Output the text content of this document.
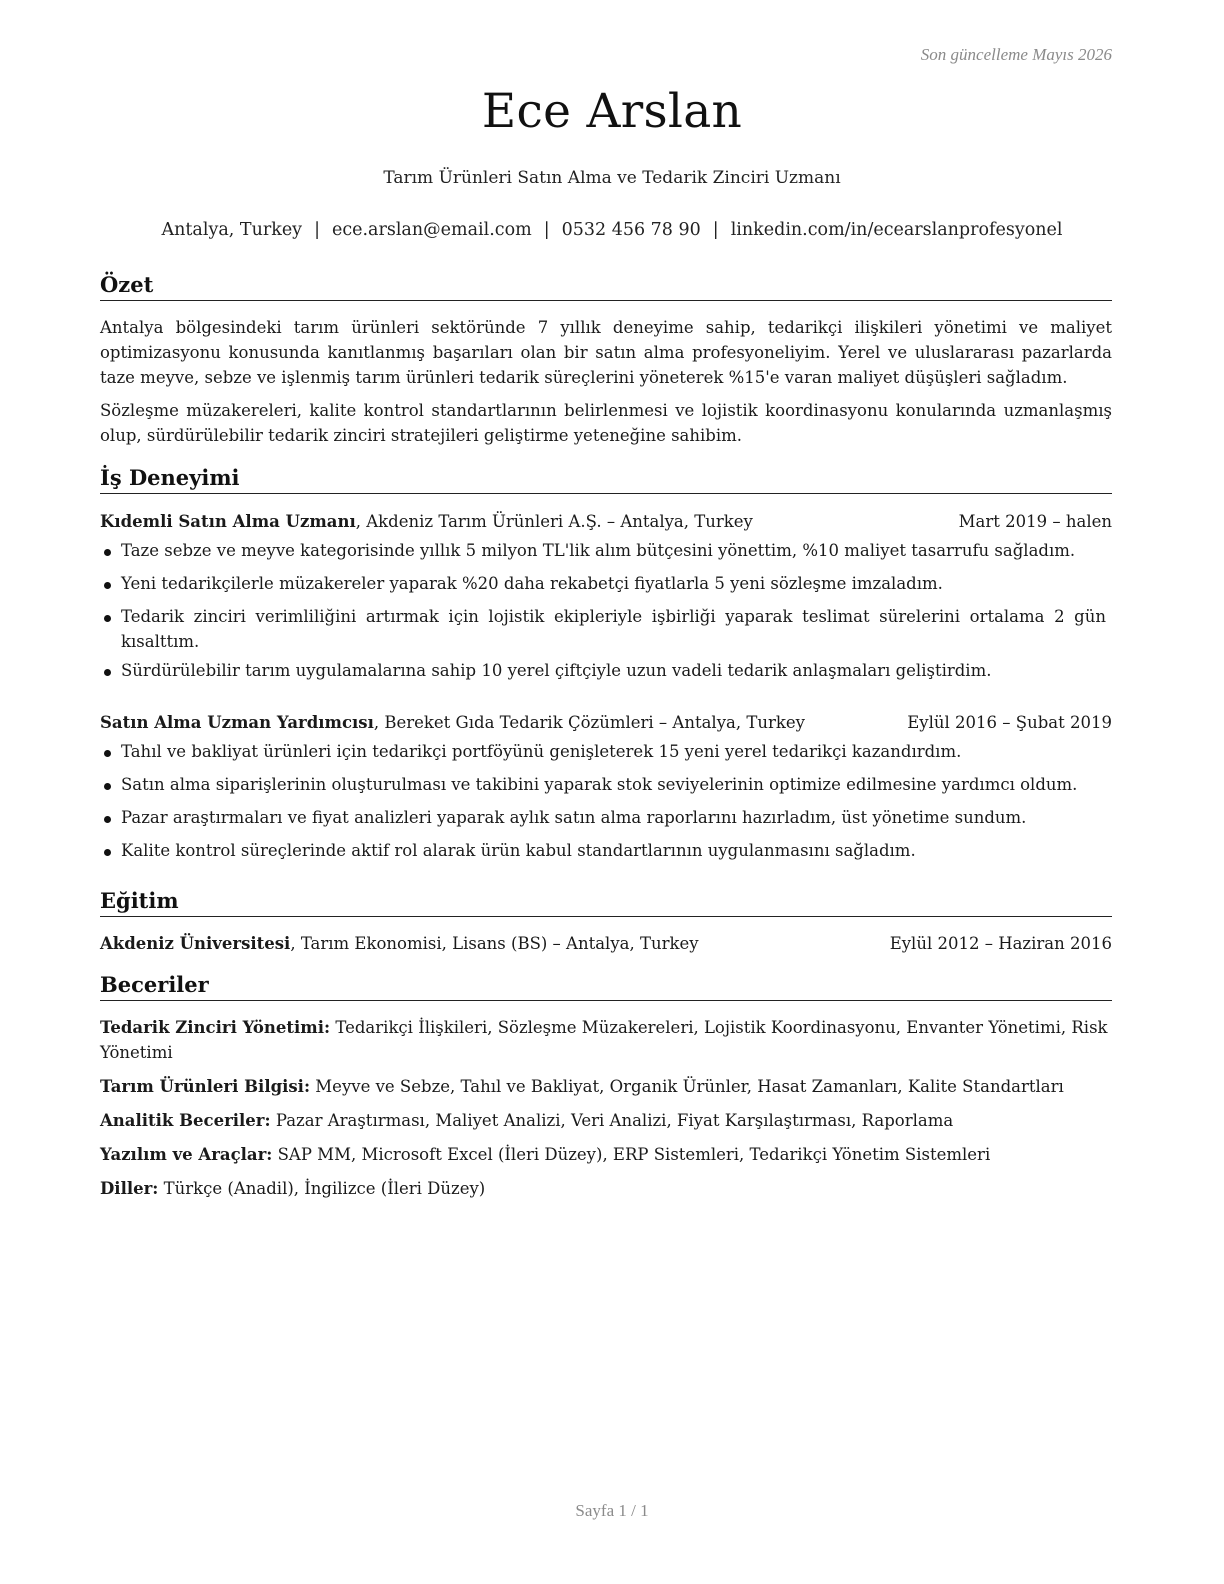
Son güncelleme Mayıs 2026
Ece Arslan
Tarım Ürünleri Satın Alma ve Tedarik Zinciri Uzmanı
Antalya, Turkey | ece.arslan@email.com | 0532 456 78 90 | linkedin.com/in/ecearslanprofesyonel
Özet

Antalya bölgesindeki tarım ürünleri sektöründe 7 yıllık deneyime sahip, tedarikçi ilişkileri yönetimi ve maliyet optimizasyonu konusunda kanıtlanmış başarıları olan bir satın alma profesyoneliyim. Yerel ve uluslararası pazarlarda taze meyve, sebze ve işlenmiş tarım ürünleri tedarik süreçlerini yöneterek %15'e varan maliyet düşüşleri sağladım.

Sözleşme müzakereleri, kalite kontrol standartlarının belirlenmesi ve lojistik koordinasyonu konularında uzmanlaşmış olup, sürdürülebilir tedarik zinciri stratejileri geliştirme yeteneğine sahibim.

İş Deneyimi
Kıdemli Satın Alma Uzmanı, Akdeniz Tarım Ürünleri A.Ş. – Antalya, Turkey	Mart 2019 – halen
Taze sebze ve meyve kategorisinde yıllık 5 milyon TL'lik alım bütçesini yönettim, %10 maliyet tasarrufu sağladım.
Yeni tedarikçilerle müzakereler yaparak %20 daha rekabetçi fiyatlarla 5 yeni sözleşme imzaladım.
Tedarik zinciri verimliliğini artırmak için lojistik ekipleriyle işbirliği yaparak teslimat sürelerini ortalama 2 gün kısalttım.
Sürdürülebilir tarım uygulamalarına sahip 10 yerel çiftçiyle uzun vadeli tedarik anlaşmaları geliştirdim.
Satın Alma Uzman Yardımcısı, Bereket Gıda Tedarik Çözümleri – Antalya, Turkey	Eylül 2016 – Şubat 2019
Tahıl ve bakliyat ürünleri için tedarikçi portföyünü genişleterek 15 yeni yerel tedarikçi kazandırdım.
Satın alma siparişlerinin oluşturulması ve takibini yaparak stok seviyelerinin optimize edilmesine yardımcı oldum.
Pazar araştırmaları ve fiyat analizleri yaparak aylık satın alma raporlarını hazırladım, üst yönetime sundum.
Kalite kontrol süreçlerinde aktif rol alarak ürün kabul standartlarının uygulanmasını sağladım.
Eğitim
Akdeniz Üniversitesi, Tarım Ekonomisi, Lisans (BS) – Antalya, Turkey	Eylül 2012 – Haziran 2016
Beceriler
Tedarik Zinciri Yönetimi: Tedarikçi İlişkileri, Sözleşme Müzakereleri, Lojistik Koordinasyonu, Envanter Yönetimi, Risk Yönetimi
Tarım Ürünleri Bilgisi: Meyve ve Sebze, Tahıl ve Bakliyat, Organik Ürünler, Hasat Zamanları, Kalite Standartları
Analitik Beceriler: Pazar Araştırması, Maliyet Analizi, Veri Analizi, Fiyat Karşılaştırması, Raporlama
Yazılım ve Araçlar: SAP MM, Microsoft Excel (İleri Düzey), ERP Sistemleri, Tedarikçi Yönetim Sistemleri
Diller: Türkçe (Anadil), İngilizce (İleri Düzey)
Sayfa 1 / 1
